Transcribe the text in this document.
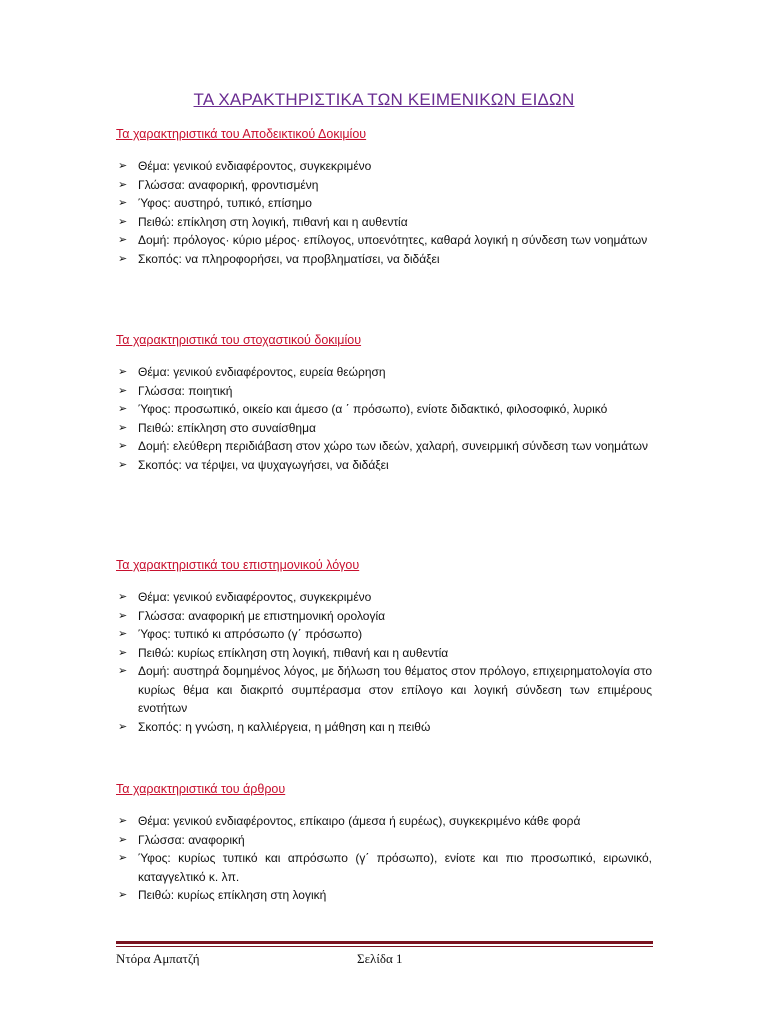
ΤΑ ΧΑΡΑΚΤΗΡΙΣΤΙΚΑ ΤΩΝ ΚΕΙΜΕΝΙΚΩΝ ΕΙΔΩΝ
Τα χαρακτηριστικά του Αποδεικτικού Δοκιμίου
➢ Θέμα: γενικού ενδιαφέροντος, συγκεκριμένο
➢ Γλώσσα: αναφορική, φροντισμένη
➢ Ύφος: αυστηρό, τυπικό, επίσημο
➢ Πειθώ: επίκληση στη λογική, πιθανή και η αυθεντία
➢ Δομή: πρόλογος· κύριο μέρος· επίλογος, υποενότητες, καθαρά λογική η σύνδεση των νοημάτων
➢ Σκοπός: να πληροφορήσει, να προβληματίσει, να διδάξει
Τα χαρακτηριστικά του στοχαστικού δοκιμίου
➢ Θέμα: γενικού ενδιαφέροντος, ευρεία θεώρηση
➢ Γλώσσα: ποιητική
➢ Ύφος: προσωπικό, οικείο και άμεσο (α ΄ πρόσωπο), ενίοτε διδακτικό, φιλοσοφικό, λυρικό
➢ Πειθώ: επίκληση στο συναίσθημα
➢ Δομή: ελεύθερη περιδιάβαση στον χώρο των ιδεών, χαλαρή, συνειρμική σύνδεση των νοημάτων
➢ Σκοπός: να τέρψει, να ψυχαγωγήσει, να διδάξει
Τα χαρακτηριστικά του επιστημονικού λόγου
➢ Θέμα: γενικού ενδιαφέροντος, συγκεκριμένο
➢ Γλώσσα: αναφορική με επιστημονική ορολογία
➢ Ύφος: τυπικό κι απρόσωπο (γ΄ πρόσωπο)
➢ Πειθώ: κυρίως επίκληση στη λογική, πιθανή και η αυθεντία
➢ Δομή: αυστηρά δομημένος λόγος, με δήλωση του θέματος στον πρόλογο, επιχειρηματολογία στο κυρίως θέμα και διακριτό συμπέρασμα στον επίλογο και λογική σύνδεση των επιμέρους ενοτήτων
➢ Σκοπός: η γνώση, η καλλιέργεια, η μάθηση και η πειθώ
Τα χαρακτηριστικά του άρθρου
➢ Θέμα: γενικού ενδιαφέροντος, επίκαιρο (άμεσα ή ευρέως), συγκεκριμένο κάθε φορά
➢ Γλώσσα: αναφορική
➢ Ύφος: κυρίως τυπικό και απρόσωπο (γ΄ πρόσωπο), ενίοτε και πιο προσωπικό, ειρωνικό, καταγγελτικό κ. λπ.
➢ Πειθώ: κυρίως επίκληση στη λογική
Ντόρα Αμπατζή	Σελίδα 1
